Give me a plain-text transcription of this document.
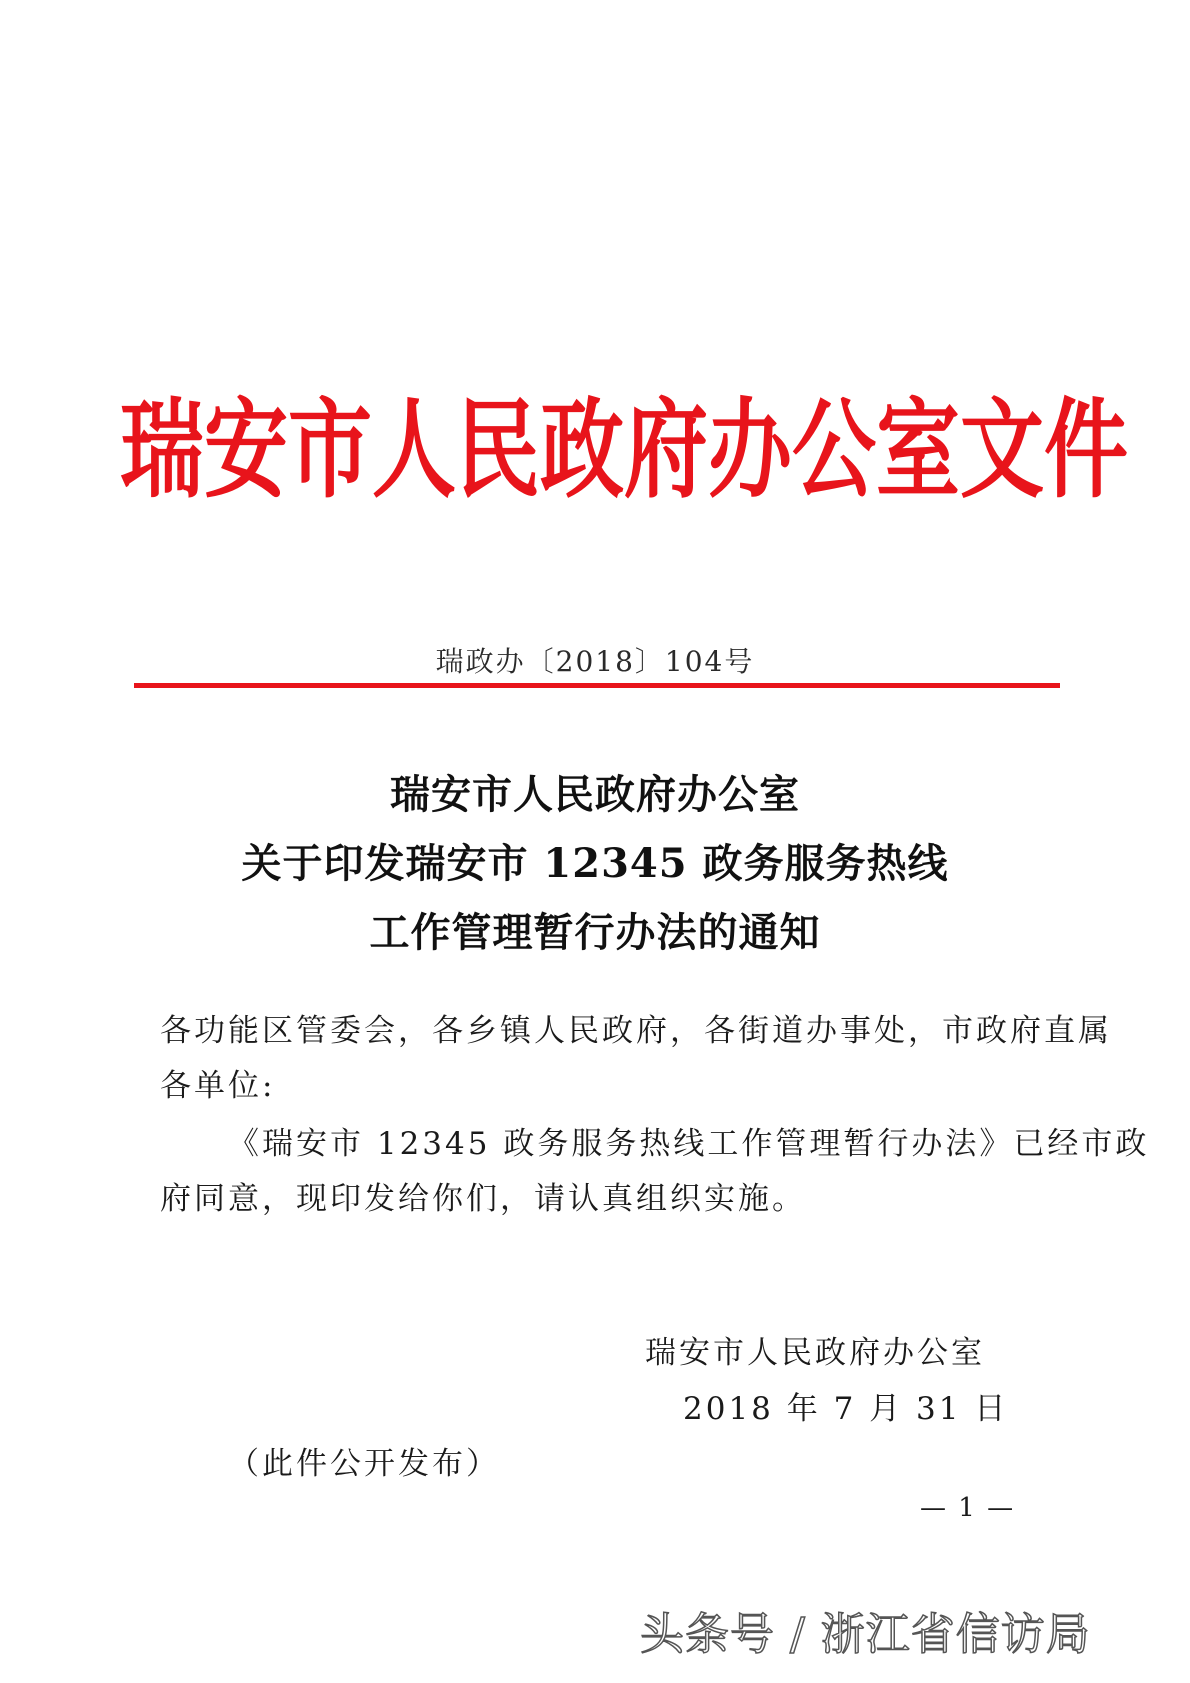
瑞安市人民政府办公室文件
瑞政办〔2018〕104号
瑞安市人民政府办公室
关于印发瑞安市 12345 政务服务热线
工作管理暂行办法的通知
各功能区管委会，各乡镇人民政府，各街道办事处，市政府直属
各单位:
《瑞安市 12345 政务服务热线工作管理暂行办法》已经市政
府同意，现印发给你们，请认真组织实施。
瑞安市人民政府办公室
2018 年 7 月 31 日
（此件公开发布）
— 1 —
头条号 / 浙江省信访局
